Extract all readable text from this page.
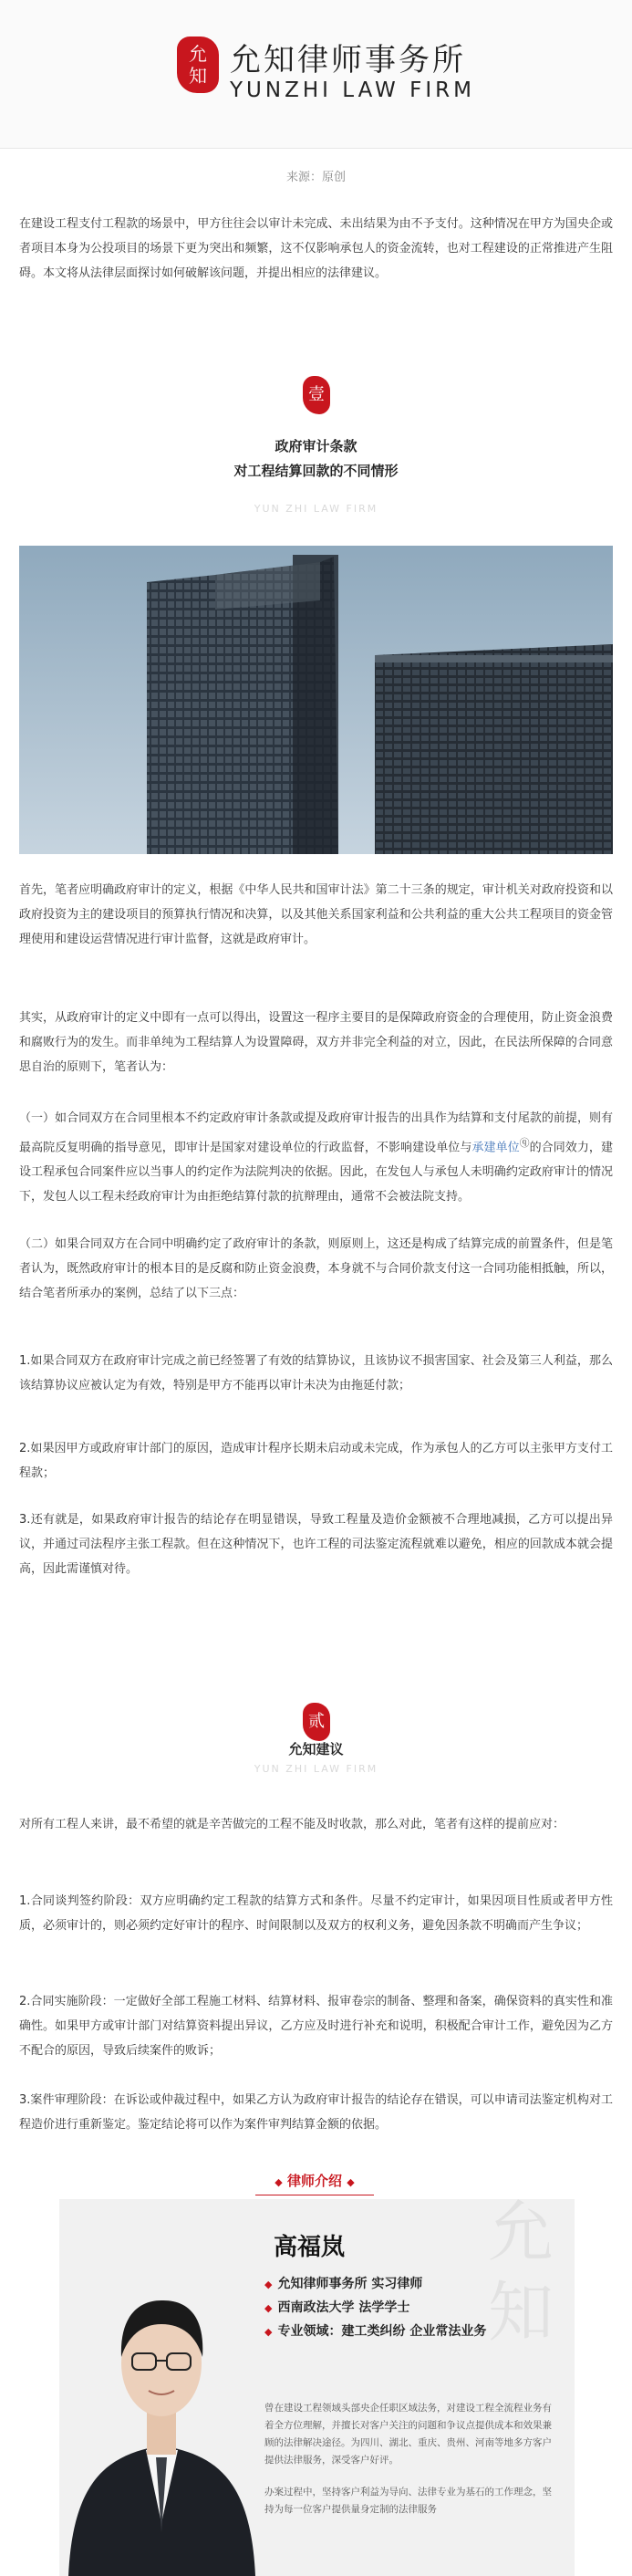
允
知 允知律师事务所
YUNZHI LAW FIRM
来源：原创

在建设工程支付工程款的场景中，甲方往往会以审计未完成、未出结果为由不予支付。这种情况在甲方为国央企或者项目本身为公投项目的场景下更为突出和频繁，这不仅影响承包人的资金流转，也对工程建设的正常推进产生阻碍。本文将从法律层面探讨如何破解该问题，并提出相应的法律建议。

壹
政府审计条款
对工程结算回款的不同情形
YUN ZHI LAW FIRM

首先，笔者应明确政府审计的定义，根据《中华人民共和国审计法》第二十三条的规定，审计机关对政府投资和以政府投资为主的建设项目的预算执行情况和决算，以及其他关系国家利益和公共利益的重大公共工程项目的资金管理使用和建设运营情况进行审计监督，这就是政府审计。

其实，从政府审计的定义中即有一点可以得出，设置这一程序主要目的是保障政府资金的合理使用，防止资金浪费和腐败行为的发生。而非单纯为工程结算人为设置障碍，双方并非完全利益的对立，因此，在民法所保障的合同意思自治的原则下，笔者认为：

（一）如合同双方在合同里根本不约定政府审计条款或提及政府审计报告的出具作为结算和支付尾款的前提，则有最高院反复明确的指导意见，即审计是国家对建设单位的行政监督，不影响建设单位与承建单位ⓠ的合同效力，建设工程承包合同案件应以当事人的约定作为法院判决的依据。因此，在发包人与承包人未明确约定政府审计的情况下，发包人以工程未经政府审计为由拒绝结算付款的抗辩理由，通常不会被法院支持。

（二）如果合同双方在合同中明确约定了政府审计的条款，则原则上，这还是构成了结算完成的前置条件，但是笔者认为，既然政府审计的根本目的是反腐和防止资金浪费，本身就不与合同价款支付这一合同功能相抵触，所以，结合笔者所承办的案例，总结了以下三点：

1.如果合同双方在政府审计完成之前已经签署了有效的结算协议，且该协议不损害国家、社会及第三人利益，那么该结算协议应被认定为有效，特别是甲方不能再以审计未决为由拖延付款；

2.如果因甲方或政府审计部门的原因，造成审计程序长期未启动或未完成，作为承包人的乙方可以主张甲方支付工程款；

3.还有就是，如果政府审计报告的结论存在明显错误，导致工程量及造价金额被不合理地减损，乙方可以提出异议，并通过司法程序主张工程款。但在这种情况下，也许工程的司法鉴定流程就难以避免，相应的回款成本就会提高，因此需谨慎对待。

贰
允知建议
YUN ZHI LAW FIRM

对所有工程人来讲，最不希望的就是辛苦做完的工程不能及时收款，那么对此，笔者有这样的提前应对：

1.合同谈判签约阶段：双方应明确约定工程款的结算方式和条件。尽量不约定审计，如果因项目性质或者甲方性质，必须审计的，则必须约定好审计的程序、时间限制以及双方的权利义务，避免因条款不明确而产生争议；

2.合同实施阶段：一定做好全部工程施工材料、结算材料、报审卷宗的制备、整理和备案，确保资料的真实性和准确性。如果甲方或审计部门对结算资料提出异议，乙方应及时进行补充和说明，积极配合审计工作，避免因为乙方不配合的原因，导致后续案件的败诉；

3.案件审理阶段：在诉讼或仲裁过程中，如果乙方认为政府审计报告的结论存在错误，可以申请司法鉴定机构对工程造价进行重新鉴定。鉴定结论将可以作为案件审判结算金额的依据。

◆ 律师介绍 ◆
允
知
高福岚
◆ 允知律师事务所 实习律师
◆ 西南政法大学 法学学士
◆ 专业领域：建工类纠纷 企业常法业务
曾在建设工程领域头部央企任职区域法务，对建设工程全流程业务有着全方位理解，并擅长对客户关注的问题和争议点提供成本和效果兼顾的法律解决途径。为四川、湖北、重庆、贵州、河南等地多方客户提供法律服务，深受客户好评。
办案过程中，坚持客户利益为导向、法律专业为基石的工作理念，坚持为每一位客户提供量身定制的法律服务
